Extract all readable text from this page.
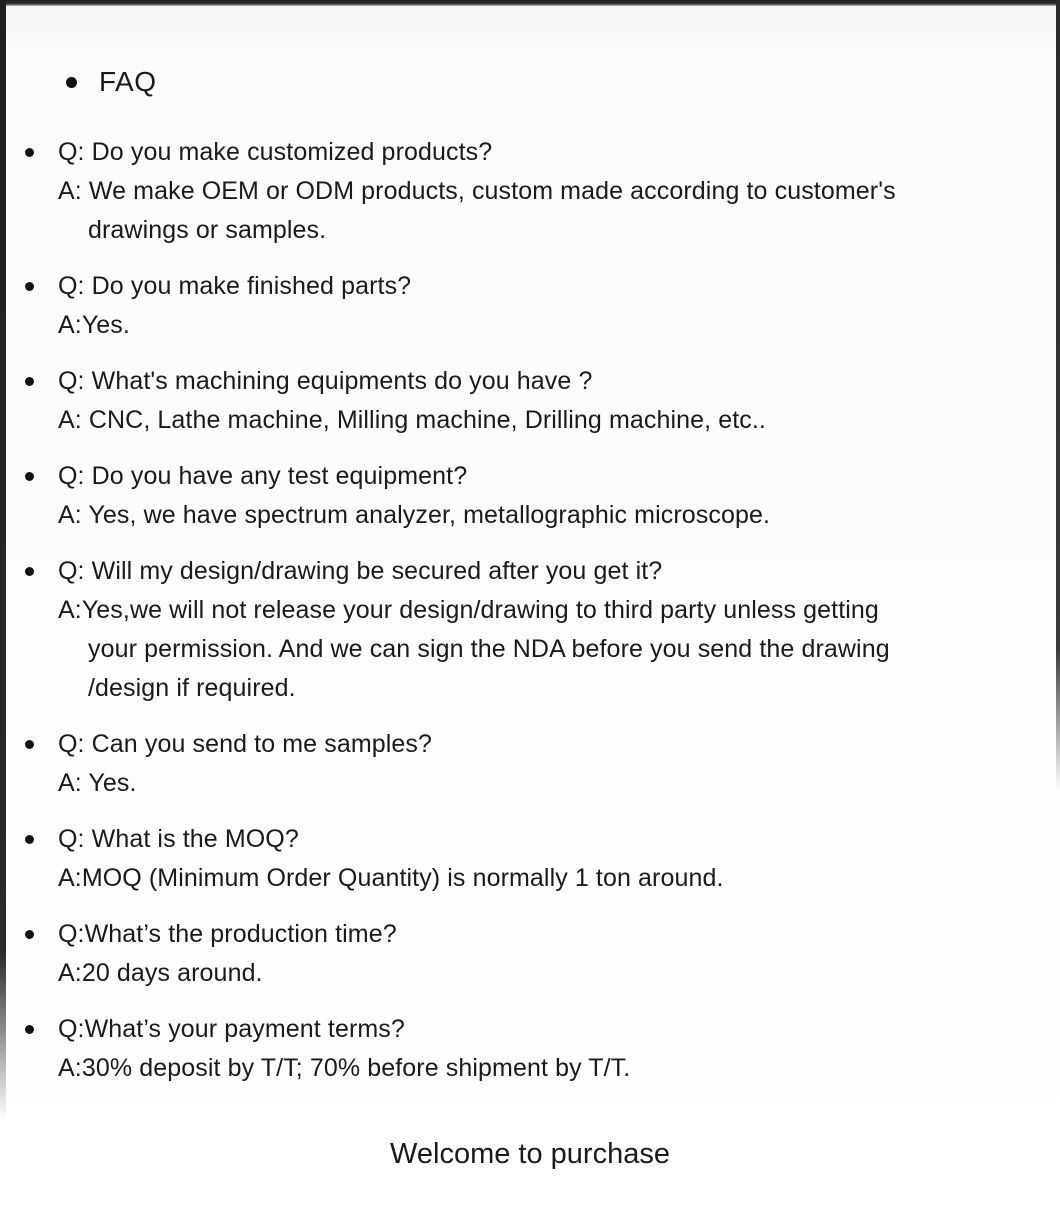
FAQ
Q: Do you make customized products?
A: We make OEM or ODM products, custom made according to customer's
drawings or samples.
Q: Do you make finished parts?
A:Yes.
Q: What's machining equipments do you have ?
A: CNC, Lathe machine, Milling machine, Drilling machine, etc..
Q: Do you have any test equipment?
A: Yes, we have spectrum analyzer, metallographic microscope.
Q: Will my design/drawing be secured after you get it?
A:Yes,we will not release your design/drawing to third party unless getting
your permission. And we can sign the NDA before you send the drawing
/design if required.
Q: Can you send to me samples?
A: Yes.
Q: What is the MOQ?
A:MOQ (Minimum Order Quantity) is normally 1 ton around.
Q:What’s the production time?
A:20 days around.
Q:What’s your payment terms?
A:30% deposit by T/T; 70% before shipment by T/T.
Welcome to purchase
